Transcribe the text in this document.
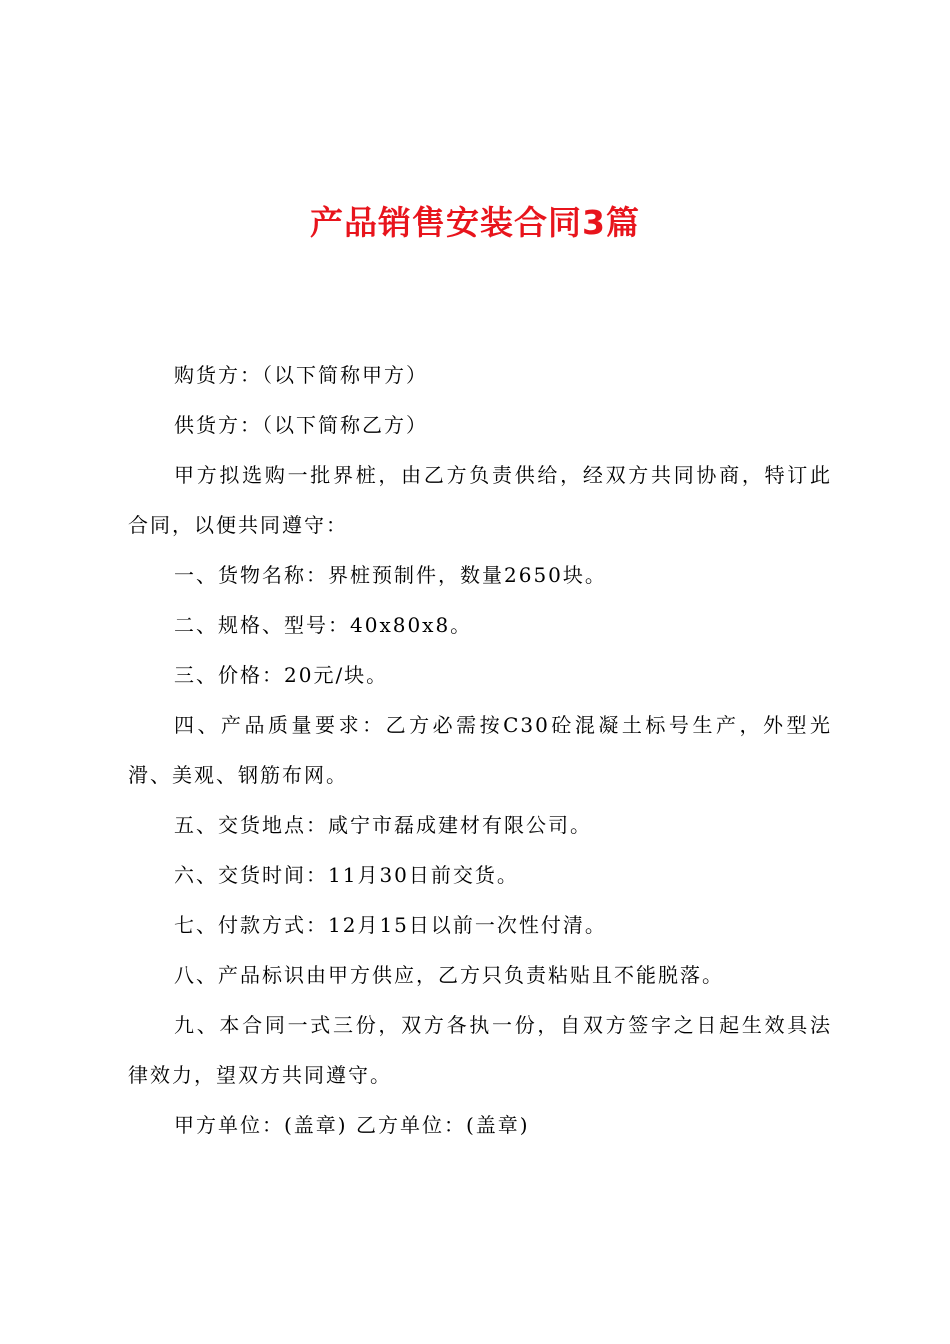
产品销售安装合同3篇

购货方：（以下简称甲方）

供货方：（以下简称乙方）

甲方拟选购一批界桩，由乙方负责供给，经双方共同协商，特订此合同，以便共同遵守：

一、货物名称：界桩预制件，数量2650块。

二、规格、型号：40x80x8。

三、价格：20元/块。

四、产品质量要求：乙方必需按C30砼混凝土标号生产，外型光滑、美观、钢筋布网。

五、交货地点：咸宁市磊成建材有限公司。

六、交货时间：11月30日前交货。

七、付款方式：12月15日以前一次性付清。

八、产品标识由甲方供应，乙方只负责粘贴且不能脱落。

九、本合同一式三份，双方各执一份，自双方签字之日起生效具法律效力，望双方共同遵守。

甲方单位：(盖章) 乙方单位：(盖章)
